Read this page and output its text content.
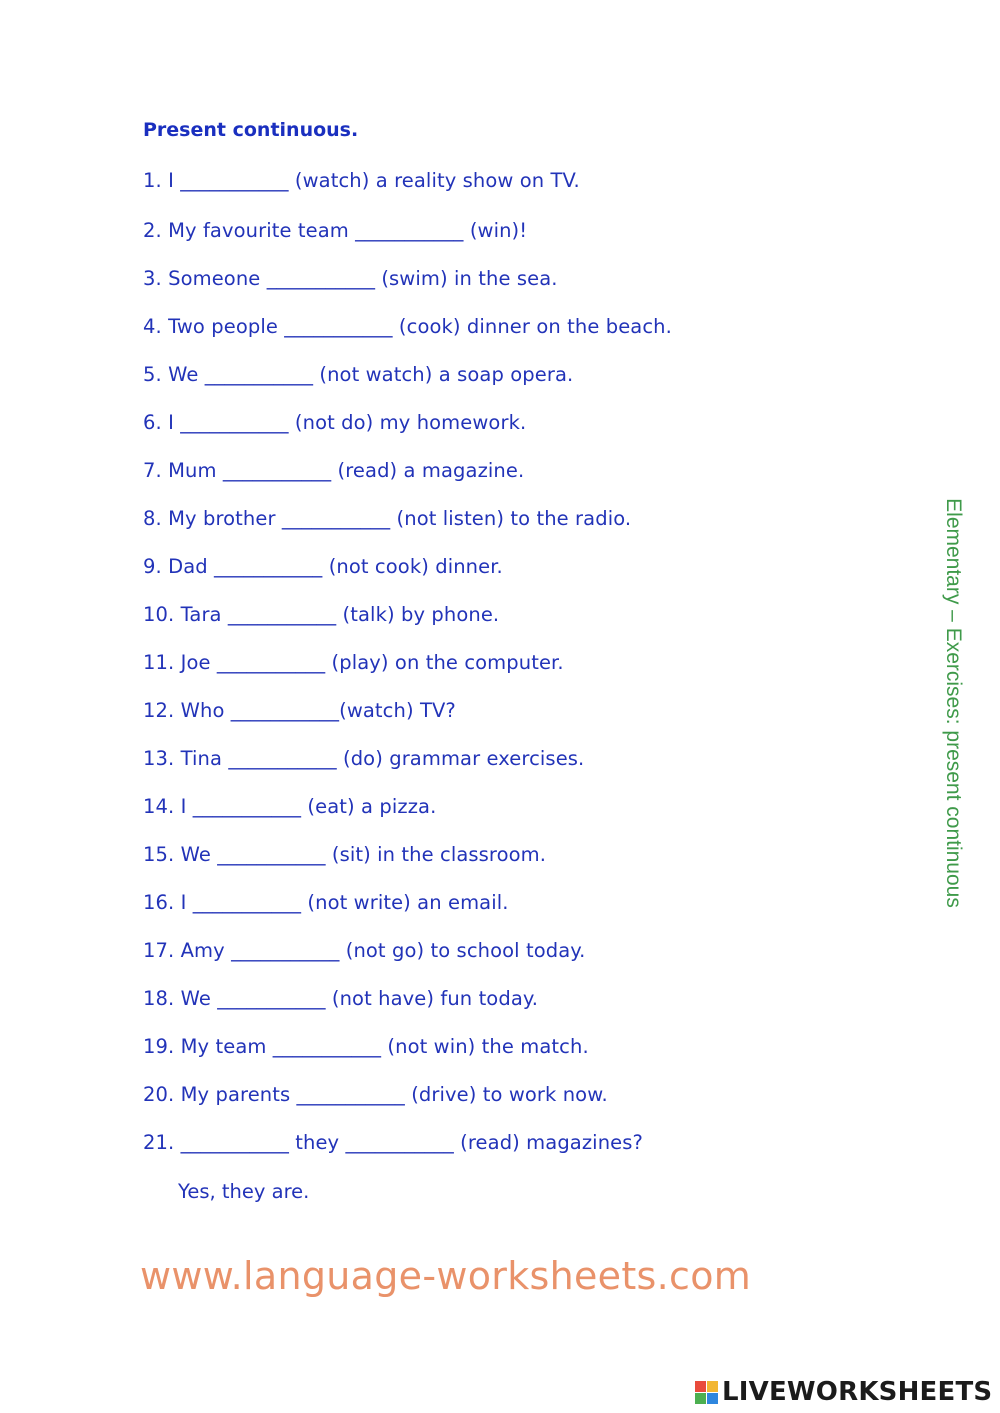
Present continuous.
1. I ___________ (watch) a reality show on TV.
2. My favourite team ___________ (win)!
3. Someone ___________ (swim) in the sea.
4. Two people ___________ (cook) dinner on the beach.
5. We ___________ (not watch) a soap opera.
6. I ___________ (not do) my homework.
7. Mum ___________ (read) a magazine.
8. My brother ___________ (not listen) to the radio.
9. Dad ___________ (not cook) dinner.
10. Tara ___________ (talk) by phone.
11. Joe ___________ (play) on the computer.
12. Who ___________(watch) TV?
13. Tina ___________ (do) grammar exercises.
14. I ___________ (eat) a pizza.
15. We ___________ (sit) in the classroom.
16. I ___________ (not write) an email.
17. Amy ___________ (not go) to school today.
18. We ___________ (not have) fun today.
19. My team ___________ (not win) the match.
20. My parents ___________ (drive) to work now.
21. ___________ they ___________ (read) magazines?
Yes, they are.
Elementary – Exercises: present continuous
www.language-worksheets.com
LIVEWORKSHEETS
